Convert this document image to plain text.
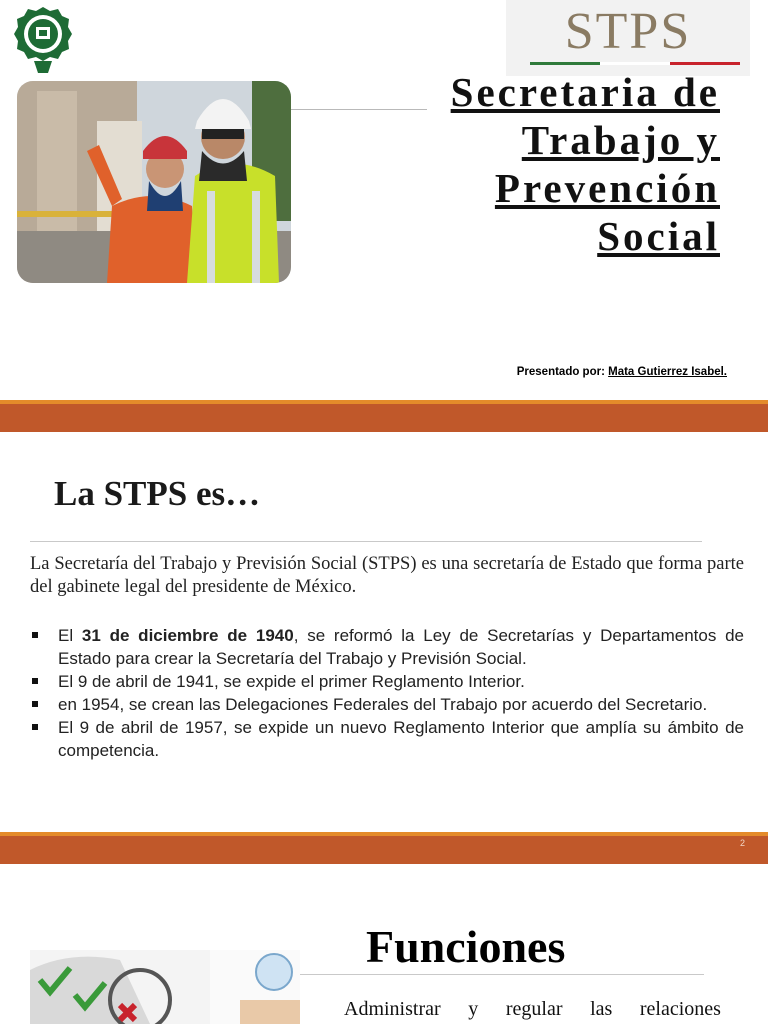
STPS
Secretaria de
Trabajo y
Prevención
Social
Presentado por: Mata Gutierrez Isabel.
La STPS es…
La Secretaría del Trabajo y Previsión Social (STPS) es una secretaría de Estado que forma parte del gabinete legal del presidente de México.
El 31 de diciembre de 1940, se reformó la Ley de Secretarías y Departamentos de Estado para crear la Secretaría del Trabajo y Previsión Social.
El 9 de abril de 1941, se expide el primer Reglamento Interior.
en 1954, se crean las Delegaciones Federales del Trabajo por acuerdo del Secretario.
El 9 de abril de 1957, se expide un nuevo Reglamento Interior que amplía su ámbito de competencia.
2
Funciones
Administrar y regular las relaciones
